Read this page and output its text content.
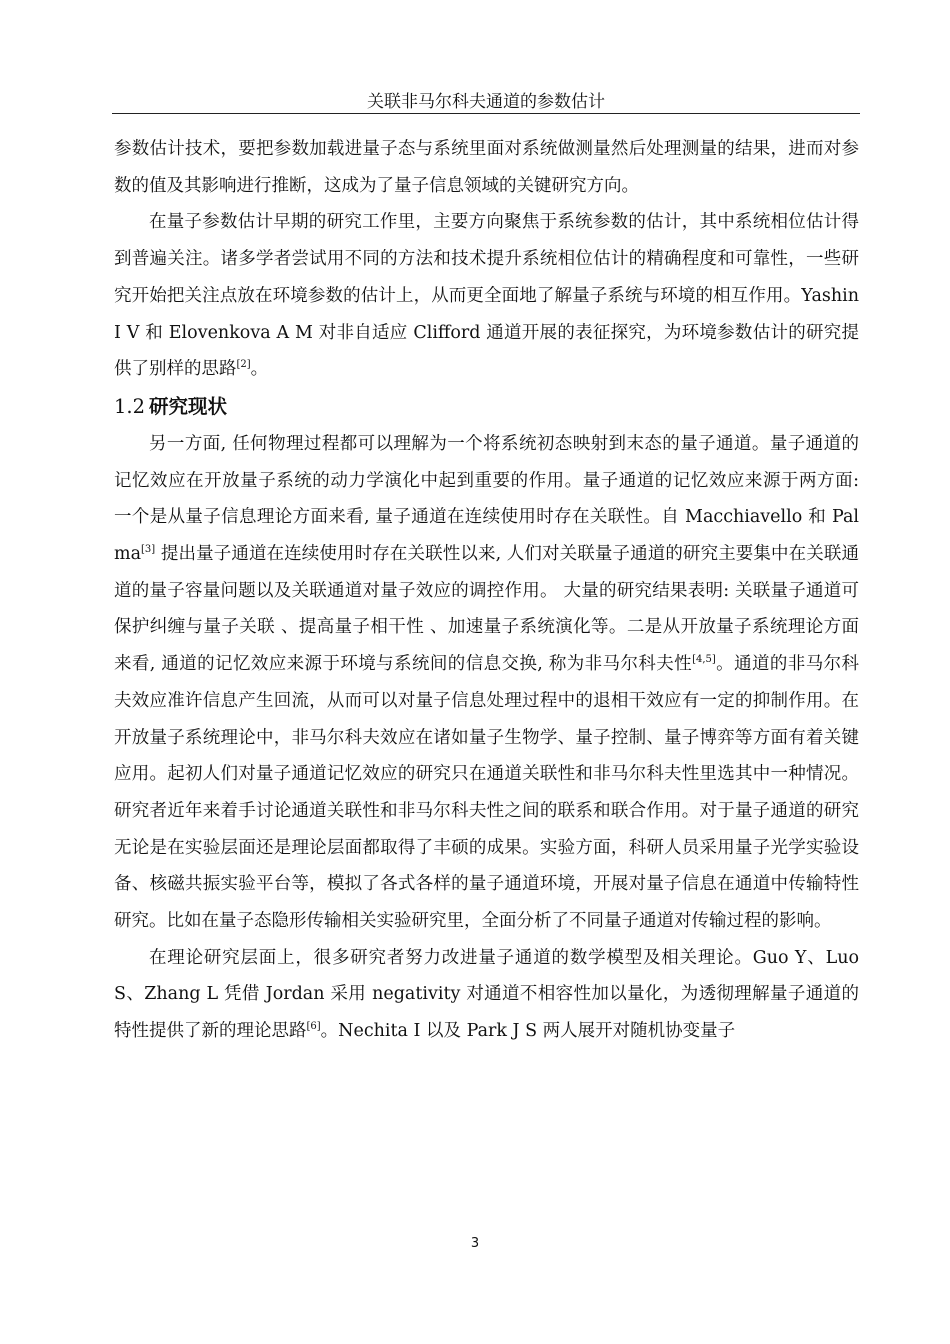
关联非马尔科夫通道的参数估计

参数估计技术，要把参数加载进量子态与系统里面对系统做测量然后处理测量的结果，进而对参数的值及其影响进行推断，这成为了量子信息领域的关键研究方向。

在量子参数估计早期的研究工作里，主要方向聚焦于系统参数的估计，其中系统相位估计得到普遍关注。诸多学者尝试用不同的方法和技术提升系统相位估计的精确程度和可靠性，一些研究开始把关注点放在环境参数的估计上，从而更全面地了解量子系统与环境的相互作用。Yashin I V 和 Elovenkova A M 对非自适应 Clifford 通道开展的表征探究，为环境参数估计的研究提供了别样的思路[2]。

1.2 研究现状

另一方面, 任何物理过程都可以理解为一个将系统初态映射到末态的量子通道。量子通道的记忆效应在开放量子系统的动力学演化中起到重要的作用。量子通道的记忆效应来源于两方面: 一个是从量子信息理论方面来看, 量子通道在连续使用时存在关联性。自 Macchiavello 和 Palma[3] 提出量子通道在连续使用时存在关联性以来, 人们对关联量子通道的研究主要集中在关联通道的量子容量问题以及关联通道对量子效应的调控作用。 大量的研究结果表明: 关联量子通道可保护纠缠与量子关联 、提高量子相干性 、加速量子系统演化等。二是从开放量子系统理论方面来看, 通道的记忆效应来源于环境与系统间的信息交换, 称为非马尔科夫性[4,5]。通道的非马尔科夫效应准许信息产生回流，从而可以对量子信息处理过程中的退相干效应有一定的抑制作用。在开放量子系统理论中，非马尔科夫效应在诸如量子生物学、量子控制、量子博弈等方面有着关键应用。起初人们对量子通道记忆效应的研究只在通道关联性和非马尔科夫性里选其中一种情况。研究者近年来着手讨论通道关联性和非马尔科夫性之间的联系和联合作用。对于量子通道的研究无论是在实验层面还是理论层面都取得了丰硕的成果。实验方面，科研人员采用量子光学实验设备、核磁共振实验平台等，模拟了各式各样的量子通道环境，开展对量子信息在通道中传输特性研究。比如在量子态隐形传输相关实验研究里，全面分析了不同量子通道对传输过程的影响。

在理论研究层面上，很多研究者努力改进量子通道的数学模型及相关理论。Guo Y、Luo S、Zhang L 凭借 Jordan 采用 negativity 对通道不相容性加以量化，为透彻理解量子通道的特性提供了新的理论思路[6]。Nechita I 以及 Park J S 两人展开对随机协变量子

3
